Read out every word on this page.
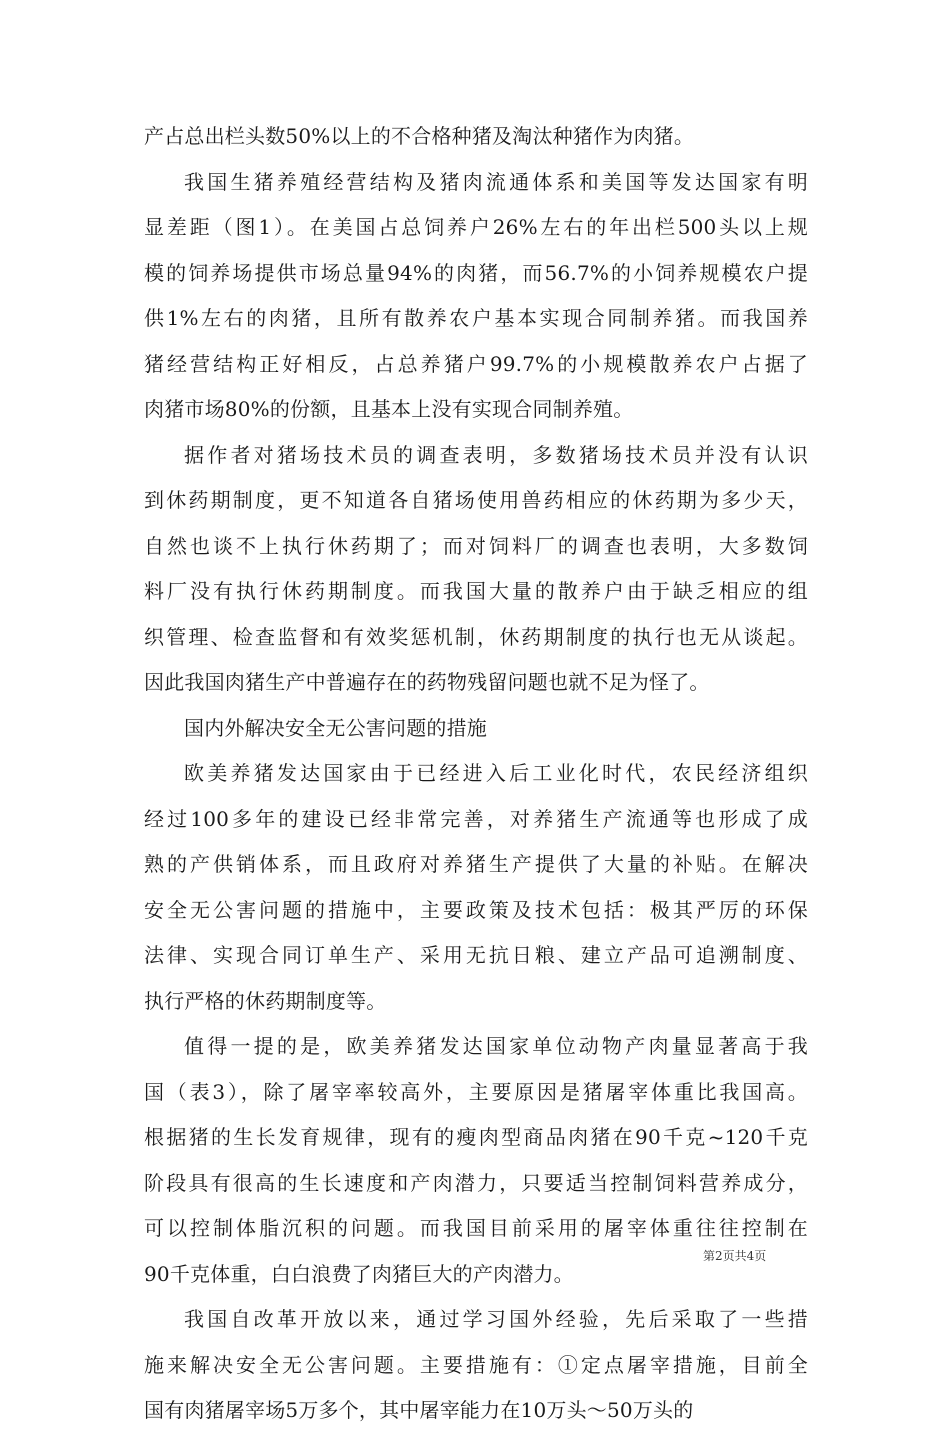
产占总出栏头数50%以上的不合格种猪及淘汰种猪作为肉猪。
我国生猪养殖经营结构及猪肉流通体系和美国等发达国家有明
显差距（图1）。在美国占总饲养户26%左右的年出栏500头以上规
模的饲养场提供市场总量94%的肉猪，而56.7%的小饲养规模农户提
供1%左右的肉猪，且所有散养农户基本实现合同制养猪。而我国养
猪经营结构正好相反，占总养猪户99.7%的小规模散养农户占据了
肉猪市场80%的份额，且基本上没有实现合同制养殖。
据作者对猪场技术员的调查表明，多数猪场技术员并没有认识
到休药期制度，更不知道各自猪场使用兽药相应的休药期为多少天，
自然也谈不上执行休药期了；而对饲料厂的调查也表明，大多数饲
料厂没有执行休药期制度。而我国大量的散养户由于缺乏相应的组
织管理、检查监督和有效奖惩机制，休药期制度的执行也无从谈起。
因此我国肉猪生产中普遍存在的药物残留问题也就不足为怪了。
国内外解决安全无公害问题的措施
欧美养猪发达国家由于已经进入后工业化时代，农民经济组织
经过100多年的建设已经非常完善，对养猪生产流通等也形成了成
熟的产供销体系，而且政府对养猪生产提供了大量的补贴。在解决
安全无公害问题的措施中，主要政策及技术包括：极其严厉的环保
法律、实现合同订单生产、采用无抗日粮、建立产品可追溯制度、
执行严格的休药期制度等。
值得一提的是，欧美养猪发达国家单位动物产肉量显著高于我
国（表3），除了屠宰率较高外，主要原因是猪屠宰体重比我国高。
根据猪的生长发育规律，现有的瘦肉型商品肉猪在90千克~120千克
阶段具有很高的生长速度和产肉潜力，只要适当控制饲料营养成分，
可以控制体脂沉积的问题。而我国目前采用的屠宰体重往往控制在
90千克体重，白白浪费了肉猪巨大的产肉潜力。
我国自改革开放以来，通过学习国外经验，先后采取了一些措
施来解决安全无公害问题。主要措施有：①定点屠宰措施，目前全
国有肉猪屠宰场5万多个，其中屠宰能力在10万头～50万头的
第2页共4页
